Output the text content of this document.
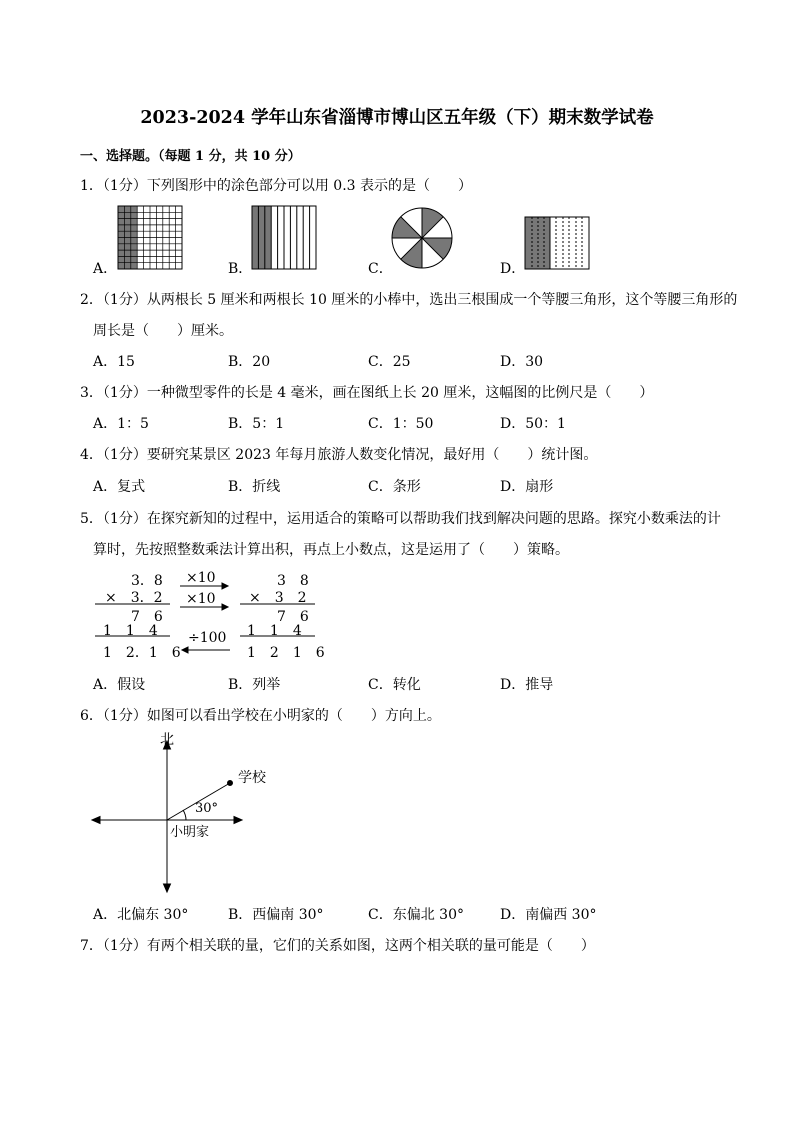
2023-2024 学年山东省淄博市博山区五年级（下）期末数学试卷
一、选择题。（每题 1 分，共 10 分）
1．（1分）下列图形中的涂色部分可以用 0.3 表示的是（　　）
A．	B．	C．	D．
2．（1分）从两根长 5 厘米和两根长 10 厘米的小棒中，选出三根围成一个等腰三角形，这个等腰三角形的
周长是（　　）厘米。
A．15	B．20	C．25	D．30
3．（1分）一种微型零件的长是 4 毫米，画在图纸上长 20 厘米，这幅图的比例尺是（　　）
A．1：5	B．5：1	C．1：50	D．50：1
4．（1分）要研究某景区 2023 年每月旅游人数变化情况，最好用（　　）统计图。
A．复式	B．折线	C．条形	D．扇形
5．（1分）在探究新知的过程中，运用适合的策略可以帮助我们找到解决问题的思路。探究小数乘法的计
算时，先按照整数乘法计算出积，再点上小数点，这是运用了（　　）策略。
3．8
×　3．2
7　6
1　1　4
1　2．1　6
×10
×10
÷100
3　8
×　3　2
7　6
1　1　4
1　2　1　6
A．假设	B．列举	C．转化	D．推导
6．（1分）如图可以看出学校在小明家的（　　）方向上。
北
学校
30°
小明家
A．北偏东 30°	B．西偏南 30°	C．东偏北 30°	D．南偏西 30°
7．（1分）有两个相关联的量，它们的关系如图，这两个相关联的量可能是（　　）
